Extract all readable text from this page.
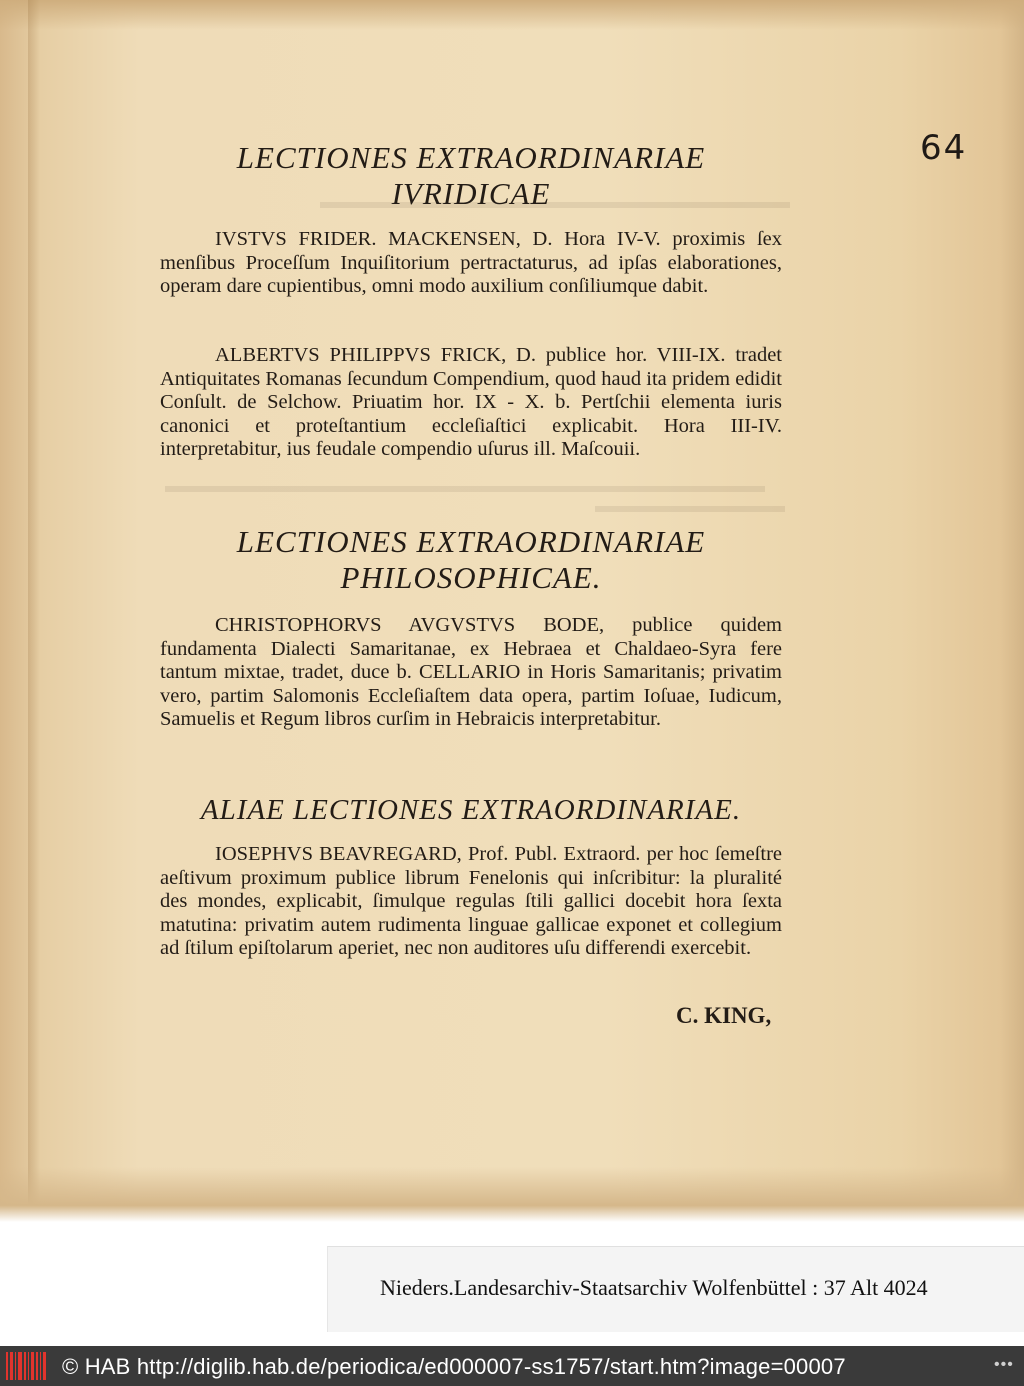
64
LECTIONES EXTRAORDINARIAE
IVRIDICAE
IVSTVS FRIDER. MACKENSEN, D. Hora IV-V. proximis ſex menſibus Proceſſum Inquiſitorium pertractaturus, ad ipſas elaborationes, operam dare cupientibus, omni modo auxilium conſiliumque dabit.
ALBERTVS PHILIPPVS FRICK, D. publice hor. VIII-IX. tradet Antiquitates Romanas ſecundum Compendium, quod haud ita pridem edidit Conſult. de Selchow. Priuatim hor. IX - X. b. Pertſchii elementa iuris canonici et proteſtantium eccleſiaſtici explicabit. Hora III-IV. interpretabitur, ius feudale compendio uſurus ill. Maſcouii.
LECTIONES EXTRAORDINARIAE
PHILOSOPHICAE.
CHRISTOPHORVS AVGVSTVS BODE, publice quidem fundamenta Dialecti Samaritanae, ex Hebraea et Chaldaeo-Syra fere tantum mixtae, tradet, duce b. CELLARIO in Horis Samaritanis; privatim vero, partim Salomonis Eccleſiaſtem data opera, partim Ioſuae, Iudicum, Samuelis et Regum libros curſim in Hebraicis interpretabitur.
ALIAE LECTIONES EXTRAORDINARIAE.
IOSEPHVS BEAVREGARD, Prof. Publ. Extraord. per hoc ſemeſtre aeſtivum proximum publice librum Fenelonis qui inſcribitur: la pluralité des mondes, explicabit, ſimulque regulas ſtili gallici docebit hora ſexta matutina: privatim autem rudimenta linguae gallicae exponet et collegium ad ſtilum epiſtolarum aperiet, nec non auditores uſu differendi exercebit.
C. KING,
Nieders.Landesarchiv-Staatsarchiv Wolfenbüttel : 37 Alt 4024
© HAB http://diglib.hab.de/periodica/ed000007-ss1757/start.htm?image=00007	•••
